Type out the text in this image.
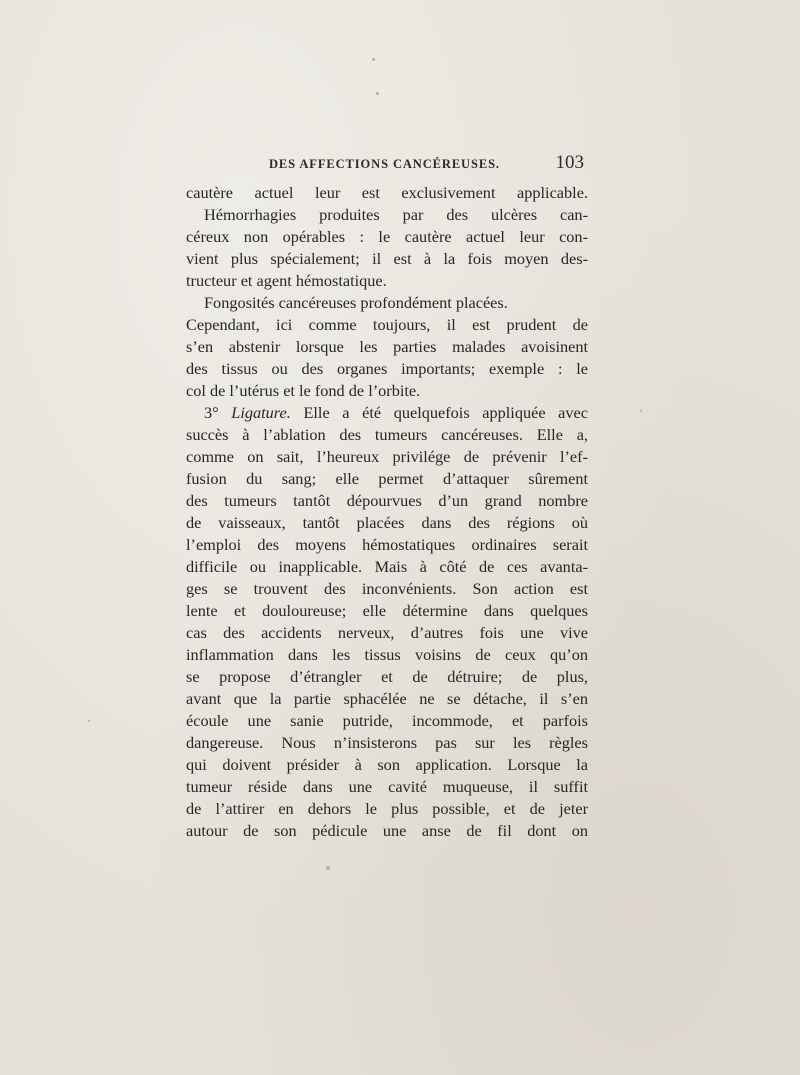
DES AFFECTIONS CANCÉREUSES.	103
cautère actuel leur est exclusivement applicable.
Hémorrhagies produites par des ulcères can-
céreux non opérables : le cautère actuel leur con-
vient plus spécialement; il est à la fois moyen des-
tructeur et agent hémostatique.
Fongosités cancéreuses profondément placées.
Cependant, ici comme toujours, il est prudent de
s’en abstenir lorsque les parties malades avoisinent
des tissus ou des organes importants; exemple : le
col de l’utérus et le fond de l’orbite.
3° Ligature. Elle a été quelquefois appliquée avec
succès à l’ablation des tumeurs cancéreuses. Elle a,
comme on sait, l’heureux privilége de prévenir l’ef-
fusion du sang; elle permet d’attaquer sûrement
des tumeurs tantôt dépourvues d’un grand nombre
de vaisseaux, tantôt placées dans des régions où
l’emploi des moyens hémostatiques ordinaires serait
difficile ou inapplicable. Mais à côté de ces avanta-
ges se trouvent des inconvénients. Son action est
lente et douloureuse; elle détermine dans quelques
cas des accidents nerveux, d’autres fois une vive
inflammation dans les tissus voisins de ceux qu’on
se propose d’étrangler et de détruire; de plus,
avant que la partie sphacélée ne se détache, il s’en
écoule une sanie putride, incommode, et parfois
dangereuse. Nous n’insisterons pas sur les règles
qui doivent présider à son application. Lorsque la
tumeur réside dans une cavité muqueuse, il suffit
de l’attirer en dehors le plus possible, et de jeter
autour de son pédicule une anse de fil dont on
